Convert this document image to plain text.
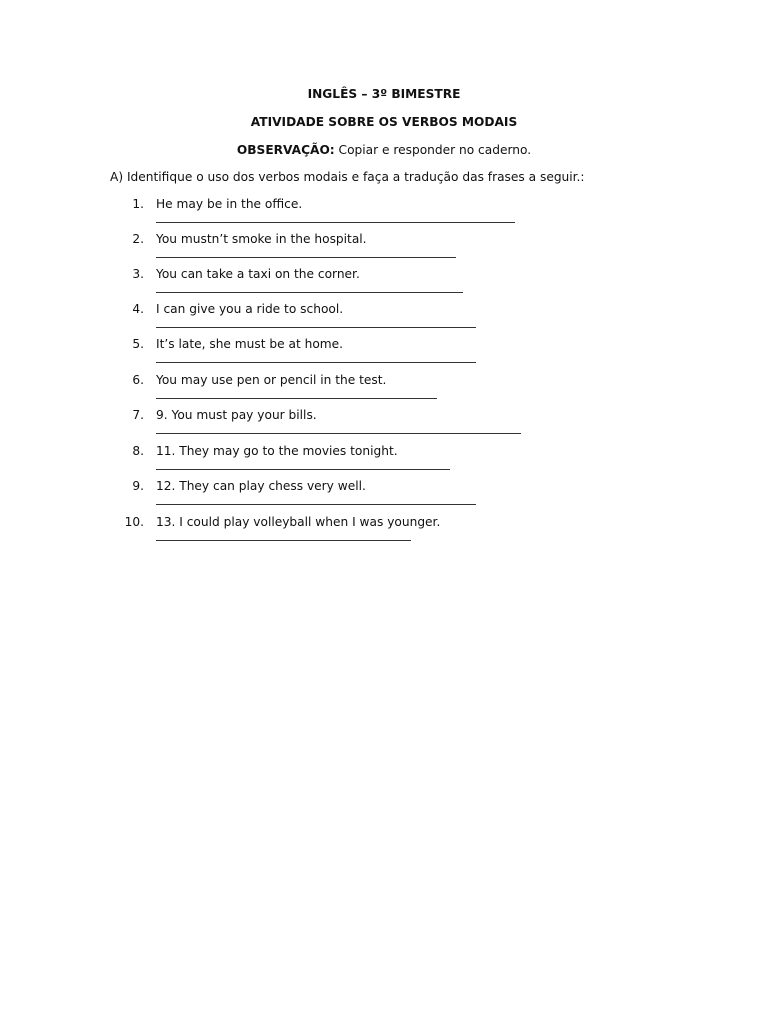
INGLÊS – 3º BIMESTRE
ATIVIDADE SOBRE OS VERBOS MODAIS
OBSERVAÇÃO: Copiar e responder no caderno.
A) Identifique o uso dos verbos modais e faça a tradução das frases a seguir.:
1. He may be in the office.
2. You mustn’t smoke in the hospital.
3. You can take a taxi on the corner.
4. I can give you a ride to school.
5. It’s late, she must be at home.
6. You may use pen or pencil in the test.
7. 9. You must pay your bills.
8. 11. They may go to the movies tonight.
9. 12. They can play chess very well.
10. 13. I could play volleyball when I was younger.
